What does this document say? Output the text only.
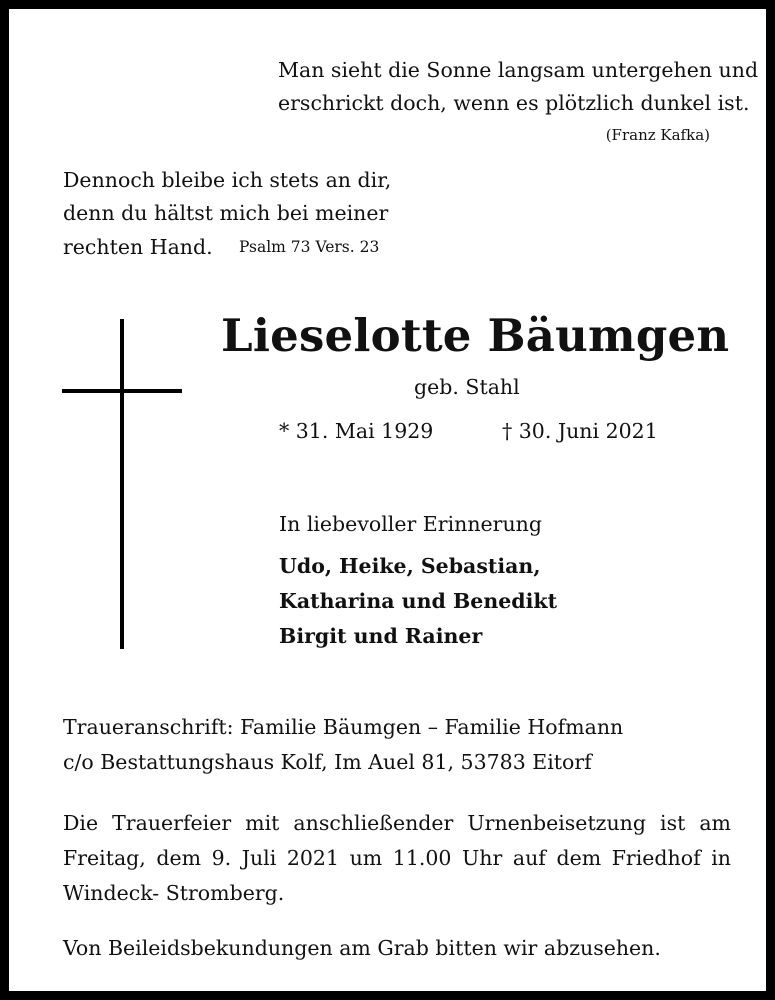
Man sieht die Sonne langsam untergehen und
erschrickt doch, wenn es plötzlich dunkel ist.
(Franz Kafka)
Dennoch bleibe ich stets an dir,
denn du hältst mich bei meiner
rechten Hand. Psalm 73 Vers. 23
Lieselotte Bäumgen
geb. Stahl
* 31. Mai 1929	† 30. Juni 2021
In liebevoller Erinnerung
Udo, Heike, Sebastian,
Katharina und Benedikt
Birgit und Rainer
Traueranschrift: Familie Bäumgen – Familie Hofmann
c/o Bestattungshaus Kolf, Im Auel 81, 53783 Eitorf
Die Trauerfeier mit anschließender Urnenbeisetzung ist am Freitag, dem 9. Juli 2021 um 11.00 Uhr auf dem Friedhof in Windeck- Stromberg.
Von Beileidsbekundungen am Grab bitten wir abzusehen.
